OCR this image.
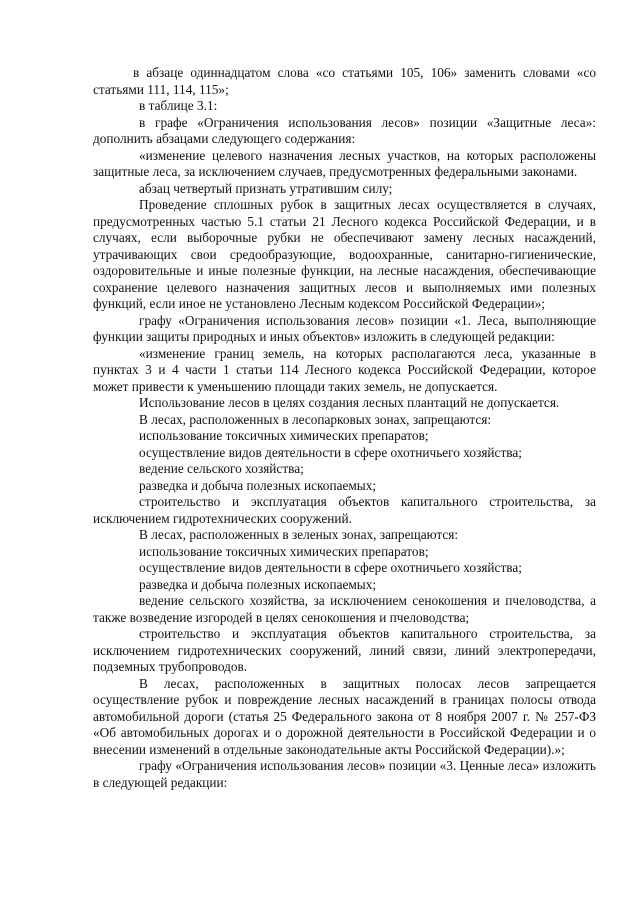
в абзаце одиннадцатом слова «со статьями 105, 106» заменить словами «со статьями 111, 114, 115»;

в таблице 3.1:

в графе «Ограничения использования лесов» позиции «Защитные леса»: дополнить абзацами следующего содержания:

«изменение целевого назначения лесных участков, на которых расположены защитные леса, за исключением случаев, предусмотренных федеральными законами.

абзац четвертый признать утратившим силу;

Проведение сплошных рубок в защитных лесах осуществляется в случаях, предусмотренных частью 5.1 статьи 21 Лесного кодекса Российской Федерации, и в случаях, если выборочные рубки не обеспечивают замену лесных насаждений, утрачивающих свои средообразующие, водоохранные, санитарно-гигиенические, оздоровительные и иные полезные функции, на лесные насаждения, обеспечивающие сохранение целевого назначения защитных лесов и выполняемых ими полезных функций, если иное не установлено Лесным кодексом Российской Федерации»;

графу «Ограничения использования лесов» позиции «1. Леса, выполняющие функции защиты природных и иных объектов» изложить в следующей редакции:

«изменение границ земель, на которых располагаются леса, указанные в пунктах 3 и 4 части 1 статьи 114 Лесного кодекса Российской Федерации, которое может привести к уменьшению площади таких земель, не допускается.

Использование лесов в целях создания лесных плантаций не допускается.

В лесах, расположенных в лесопарковых зонах, запрещаются:

использование токсичных химических препаратов;

осуществление видов деятельности в сфере охотничьего хозяйства;

ведение сельского хозяйства;

разведка и добыча полезных ископаемых;

строительство и эксплуатация объектов капитального строительства, за исключением гидротехнических сооружений.

В лесах, расположенных в зеленых зонах, запрещаются:

использование токсичных химических препаратов;

осуществление видов деятельности в сфере охотничьего хозяйства;

разведка и добыча полезных ископаемых;

ведение сельского хозяйства, за исключением сенокошения и пчеловодства, а также возведение изгородей в целях сенокошения и пчеловодства;

строительство и эксплуатация объектов капитального строительства, за исключением гидротехнических сооружений, линий связи, линий электропередачи, подземных трубопроводов.

В лесах, расположенных в защитных полосах лесов запрещается осуществление рубок и повреждение лесных насаждений в границах полосы отвода автомобильной дороги (статья 25 Федерального закона от 8 ноября 2007 г. № 257-ФЗ «Об автомобильных дорогах и о дорожной деятельности в Российской Федерации и о внесении изменений в отдельные законодательные акты Российской Федерации).»;

графу «Ограничения использования лесов» позиции «3. Ценные леса» изложить в следующей редакции:
